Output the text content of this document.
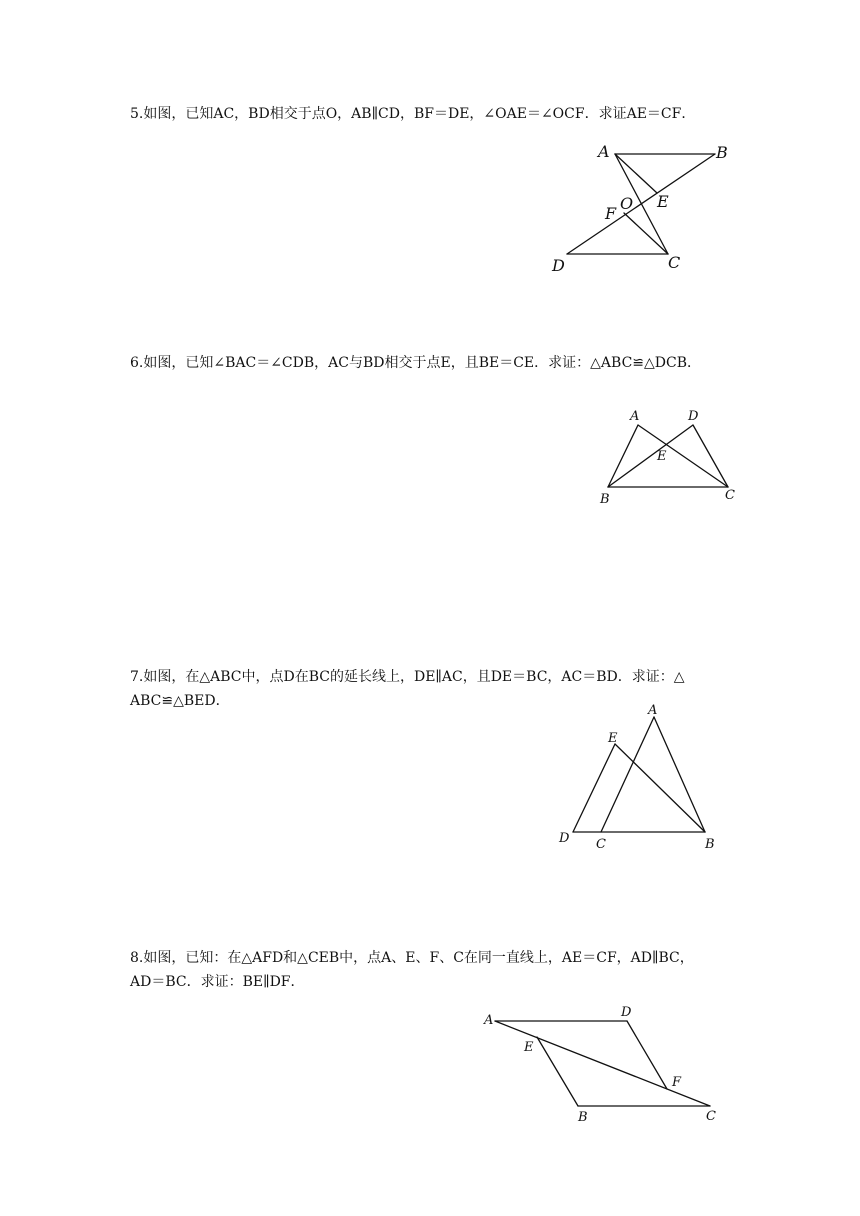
5.如图，已知AC，BD相交于点O，AB∥CD，BF＝DE，∠OAE＝∠OCF．求证AE＝CF．
A	B
O E
F
D	C
6.如图，已知∠BAC＝∠CDB，AC与BD相交于点E，且BE＝CE．求证：△ABC≌△DCB．
A	D
E
B	C
7.如图，在△ABC中，点D在BC的延长线上，DE∥AC，且DE＝BC，AC＝BD．求证：△
ABC≌△BED．
A
E
D C	B
8.如图，已知：在△AFD和△CEB中，点A、E、F、C在同一直线上，AE＝CF，AD∥BC，
AD＝BC．求证：BE∥DF．
A
D
E
F
B	C
